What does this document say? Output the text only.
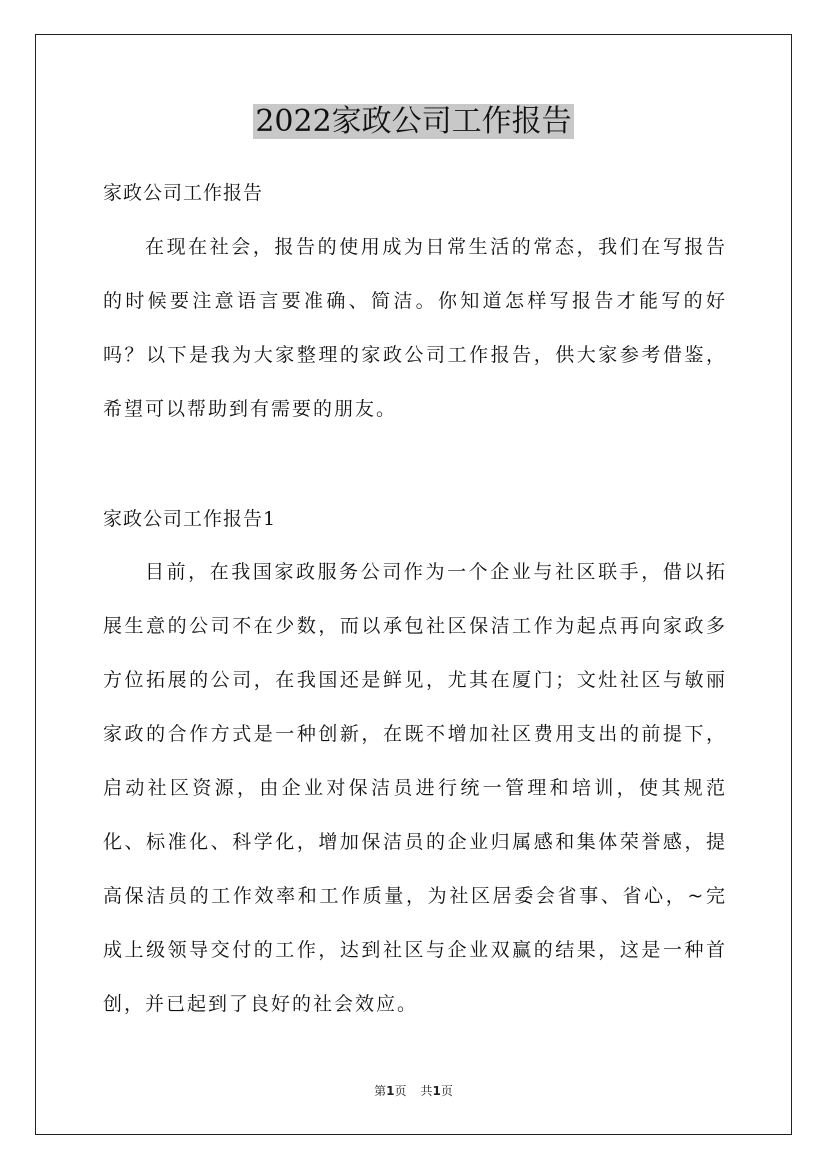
2022家政公司工作报告
家政公司工作报告

在现在社会，报告的使用成为日常生活的常态，我们在写报告的时候要注意语言要准确、简洁。你知道怎样写报告才能写的好吗？以下是我为大家整理的家政公司工作报告，供大家参考借鉴，希望可以帮助到有需要的朋友。

家政公司工作报告1

目前，在我国家政服务公司作为一个企业与社区联手，借以拓展生意的公司不在少数，而以承包社区保洁工作为起点再向家政多方位拓展的公司，在我国还是鲜见，尤其在厦门；文灶社区与敏丽家政的合作方式是一种创新，在既不增加社区费用支出的前提下，启动社区资源，由企业对保洁员进行统一管理和培训，使其规范化、标准化、科学化，增加保洁员的企业归属感和集体荣誉感，提高保洁员的工作效率和工作质量，为社区居委会省事、省心，~完成上级领导交付的工作，达到社区与企业双赢的结果，这是一种首创，并已起到了良好的社会效应。

第1页 共1页
